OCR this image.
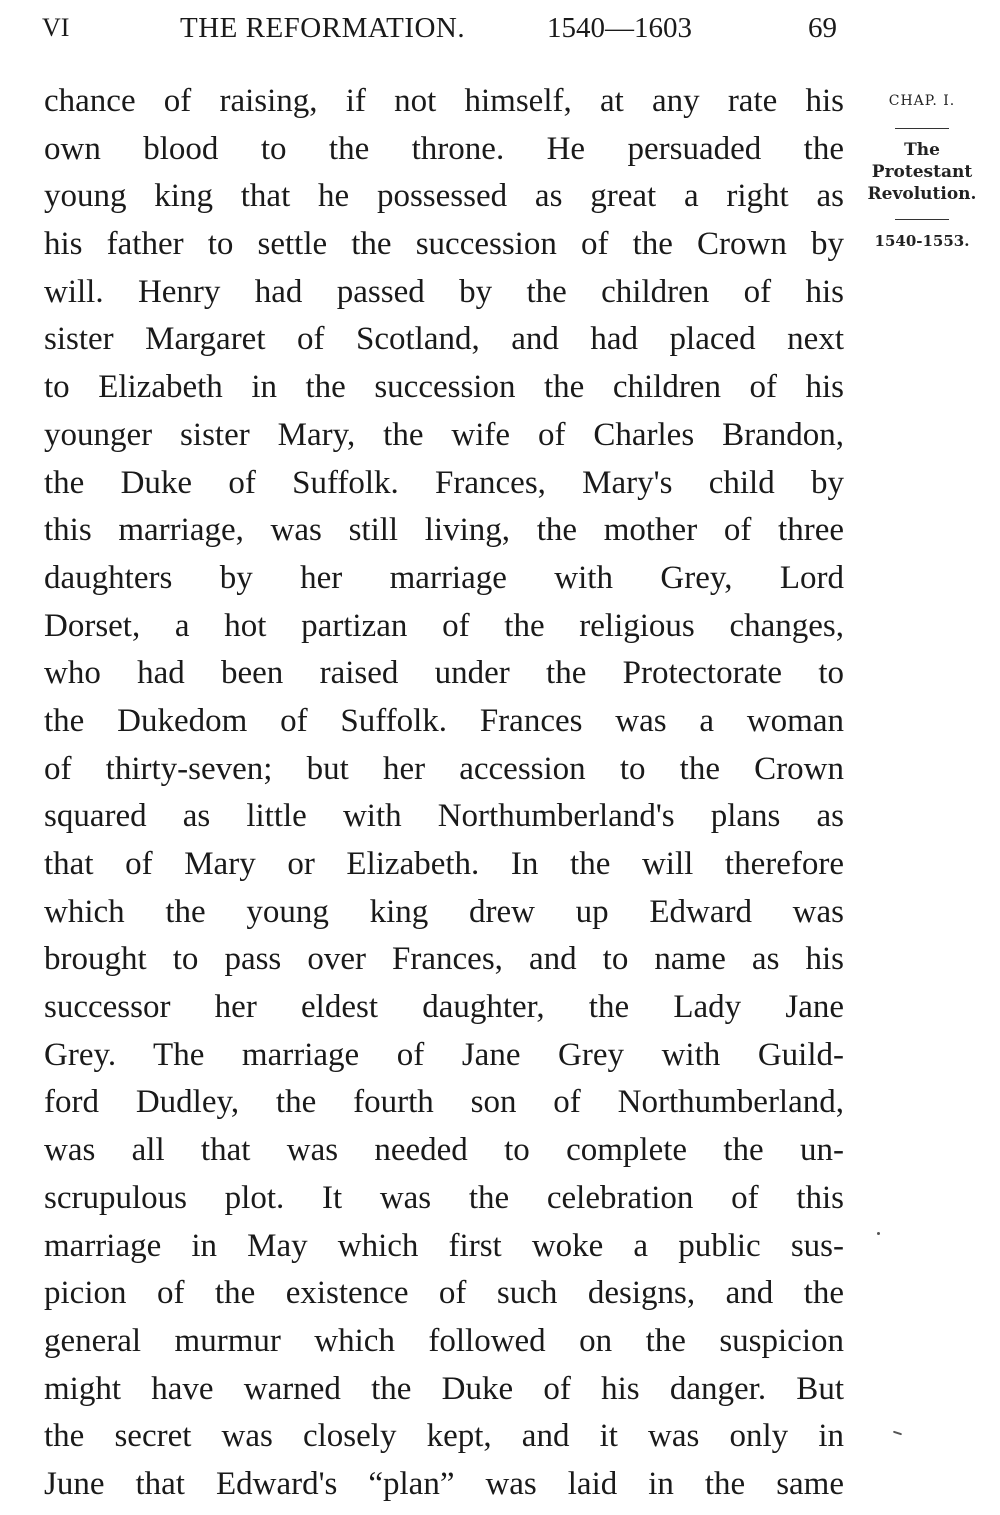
VI	THE REFORMATION.	1540—1603	69
CHAP. I.
The
Protestant
Revolution.
1540-1553.
chance of raising, if not himself, at any rate his
own blood to the throne. He persuaded the
young king that he possessed as great a right as
his father to settle the succession of the Crown by
will. Henry had passed by the children of his
sister Margaret of Scotland, and had placed next
to Elizabeth in the succession the children of his
younger sister Mary, the wife of Charles Brandon,
the Duke of Suffolk. Frances, Mary's child by
this marriage, was still living, the mother of three
daughters by her marriage with Grey, Lord
Dorset, a hot partizan of the religious changes,
who had been raised under the Protectorate to
the Dukedom of Suffolk. Frances was a woman
of thirty-seven; but her accession to the Crown
squared as little with Northumberland's plans as
that of Mary or Elizabeth. In the will therefore
which the young king drew up Edward was
brought to pass over Frances, and to name as his
successor her eldest daughter, the Lady Jane
Grey. The marriage of Jane Grey with Guild-
ford Dudley, the fourth son of Northumberland,
was all that was needed to complete the un-
scrupulous plot. It was the celebration of this
marriage in May which first woke a public sus-
picion of the existence of such designs, and the
general murmur which followed on the suspicion
might have warned the Duke of his danger. But
the secret was closely kept, and it was only in
June that Edward's “plan” was laid in the same
